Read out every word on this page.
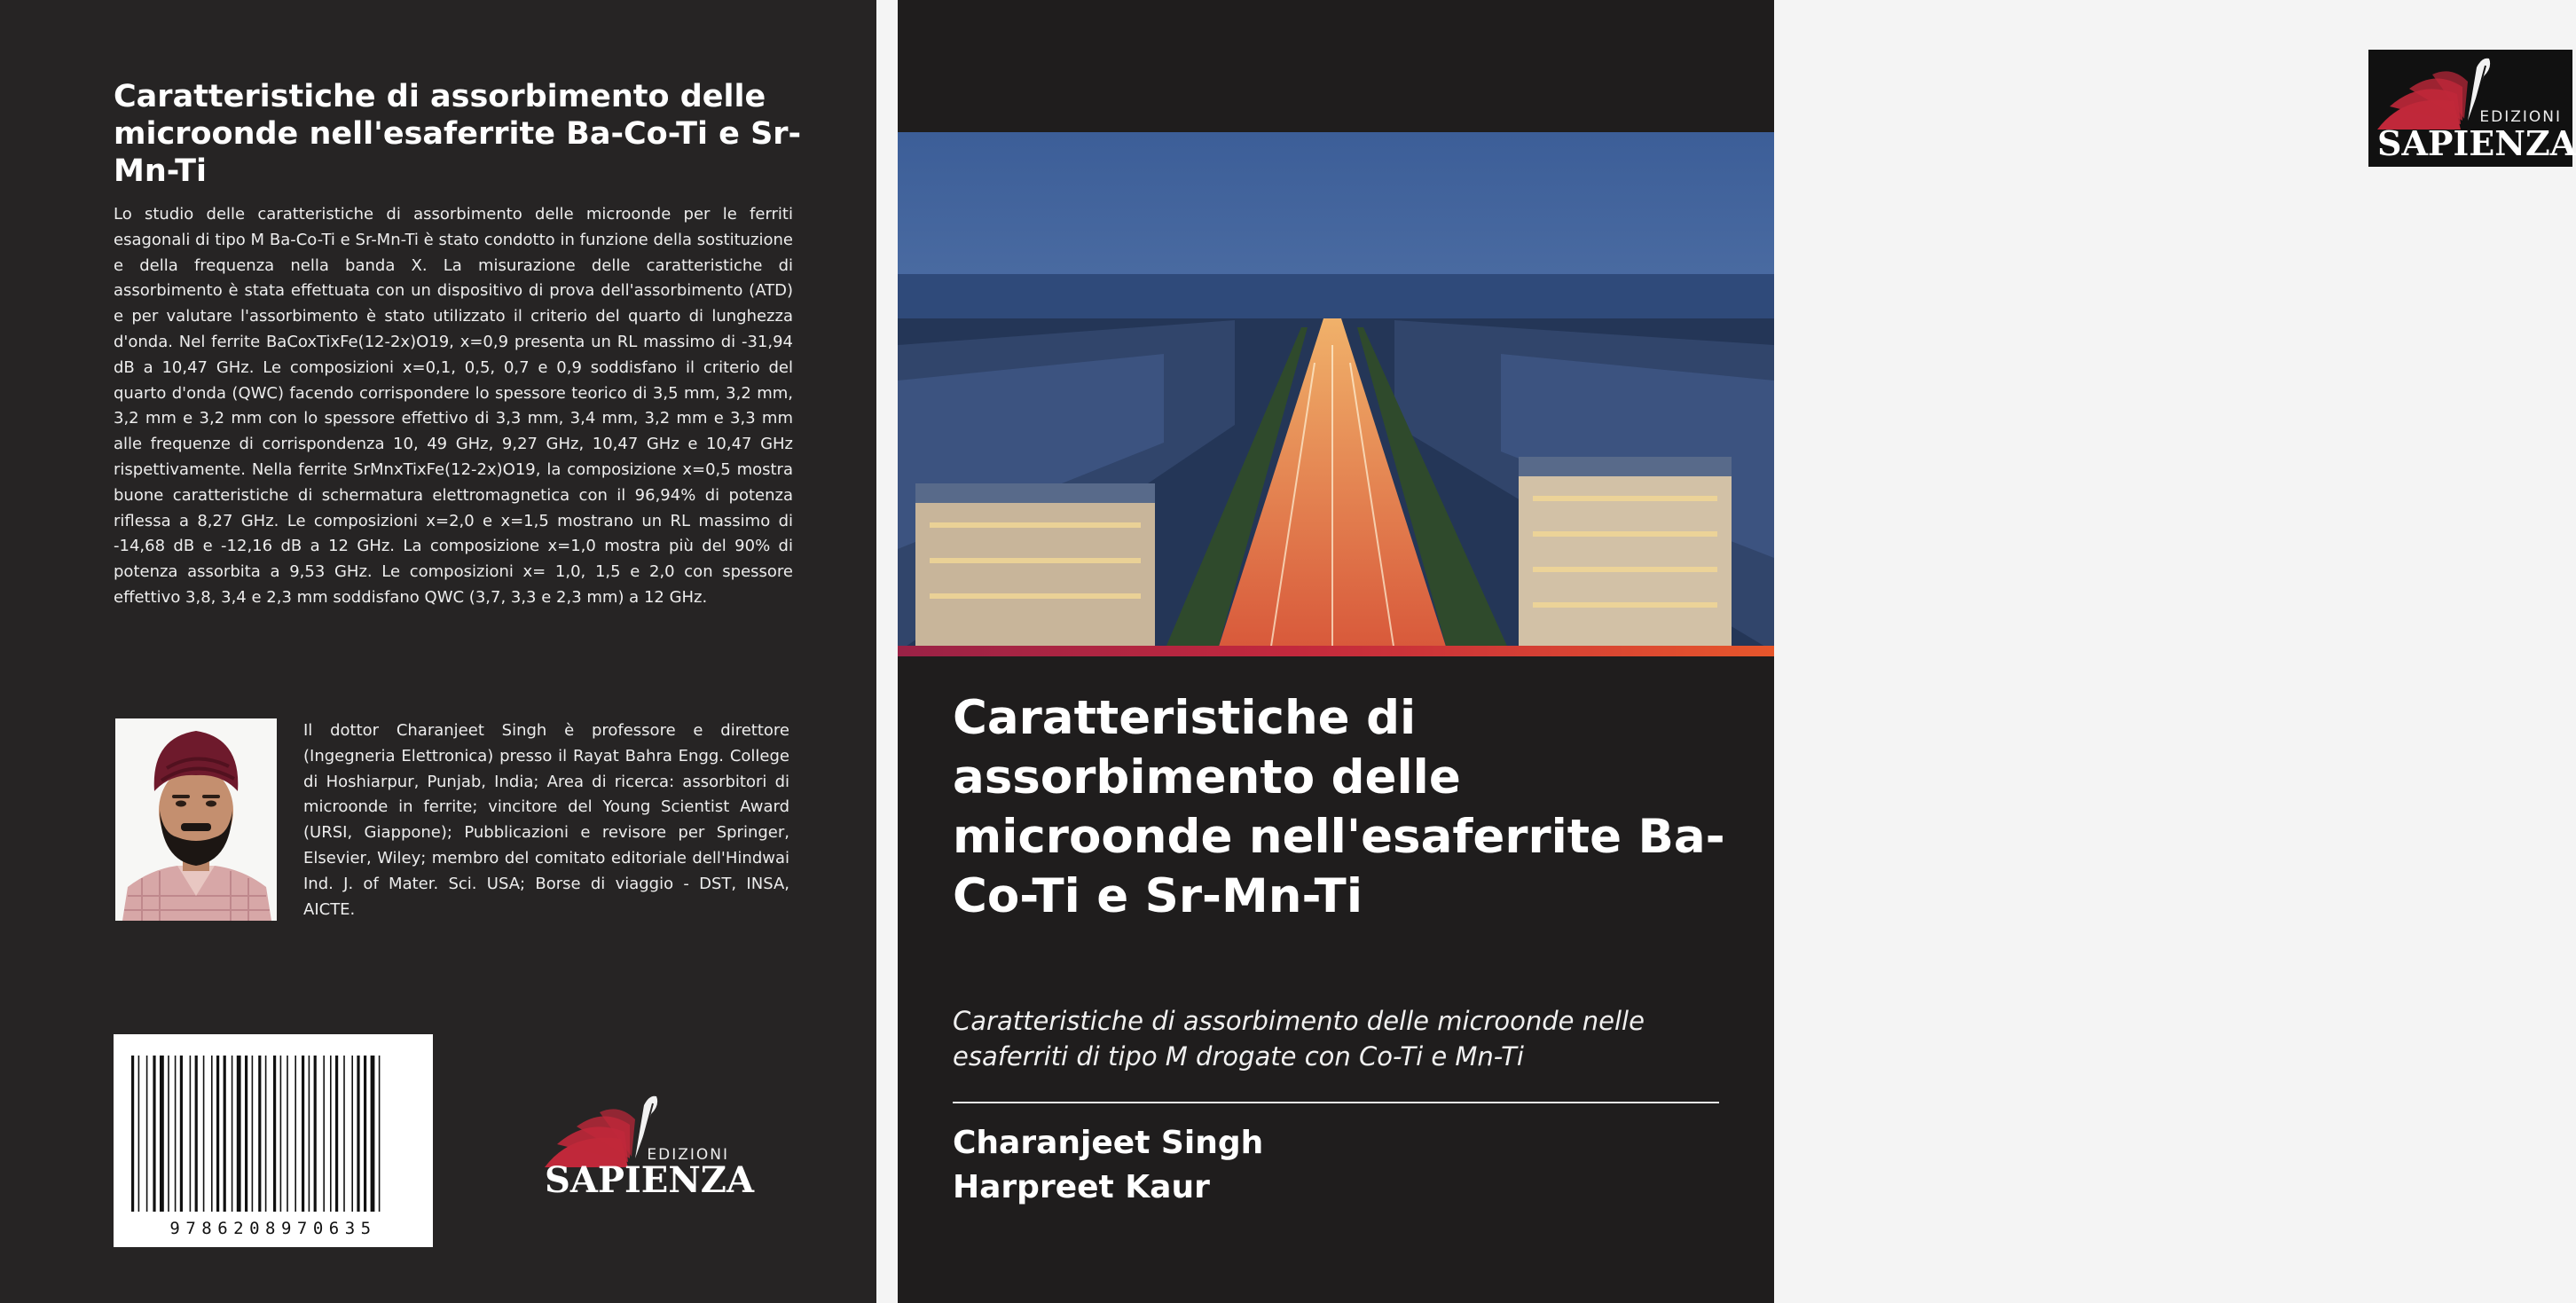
Caratteristiche di assorbimento delle microonde nell'esaferrite Ba-Co-Ti e Sr-Mn-Ti

Lo studio delle caratteristiche di assorbimento delle microonde per le ferriti esagonali di tipo M Ba-Co-Ti e Sr-Mn-Ti è stato condotto in funzione della sostituzione e della frequenza nella banda X. La misurazione delle caratteristiche di assorbimento è stata effettuata con un dispositivo di prova dell'assorbimento (ATD) e per valutare l'assorbimento è stato utilizzato il criterio del quarto di lunghezza d'onda. Nel ferrite BaCoxTixFe(12-2x)O19, x=0,9 presenta un RL massimo di -31,94 dB a 10,47 GHz. Le composizioni x=0,1, 0,5, 0,7 e 0,9 soddisfano il criterio del quarto d'onda (QWC) facendo corrispondere lo spessore teorico di 3,5 mm, 3,2 mm, 3,2 mm e 3,2 mm con lo spessore effettivo di 3,3 mm, 3,4 mm, 3,2 mm e 3,3 mm alle frequenze di corrispondenza 10, 49 GHz, 9,27 GHz, 10,47 GHz e 10,47 GHz rispettivamente. Nella ferrite SrMnxTixFe(12-2x)O19, la composizione x=0,5 mostra buone caratteristiche di schermatura elettromagnetica con il 96,94% di potenza riflessa a 8,27 GHz. Le composizioni x=2,0 e x=1,5 mostrano un RL massimo di -14,68 dB e -12,16 dB a 12 GHz. La composizione x=1,0 mostra più del 90% di potenza assorbita a 9,53 GHz. Le composizioni x= 1,0, 1,5 e 2,0 con spessore effettivo 3,8, 3,4 e 2,3 mm soddisfano QWC (3,7, 3,3 e 2,3 mm) a 12 GHz.

Il dottor Charanjeet Singh è professore e direttore (Ingegneria Elettronica) presso il Rayat Bahra Engg. College di Hoshiarpur, Punjab, India; Area di ricerca: assorbitori di microonde in ferrite; vincitore del Young Scientist Award (URSI, Giappone); Pubblicazioni e revisore per Springer, Elsevier, Wiley; membro del comitato editoriale dell'Hindwai Ind. J. of Mater. Sci. USA; Borse di viaggio - DST, INSA, AICTE.

9786208970635
EDIZIONI
SAPIENZA
EDIZIONI
SAPIENZA
Caratteristiche di assorbimento delle microonde nell'esaferrite Ba-Co-Ti e Sr-Mn-Ti

Caratteristiche di assorbimento delle microonde nelle esaferriti di tipo M drogate con Co-Ti e Mn-Ti

Charanjeet Singh
Harpreet Kaur
